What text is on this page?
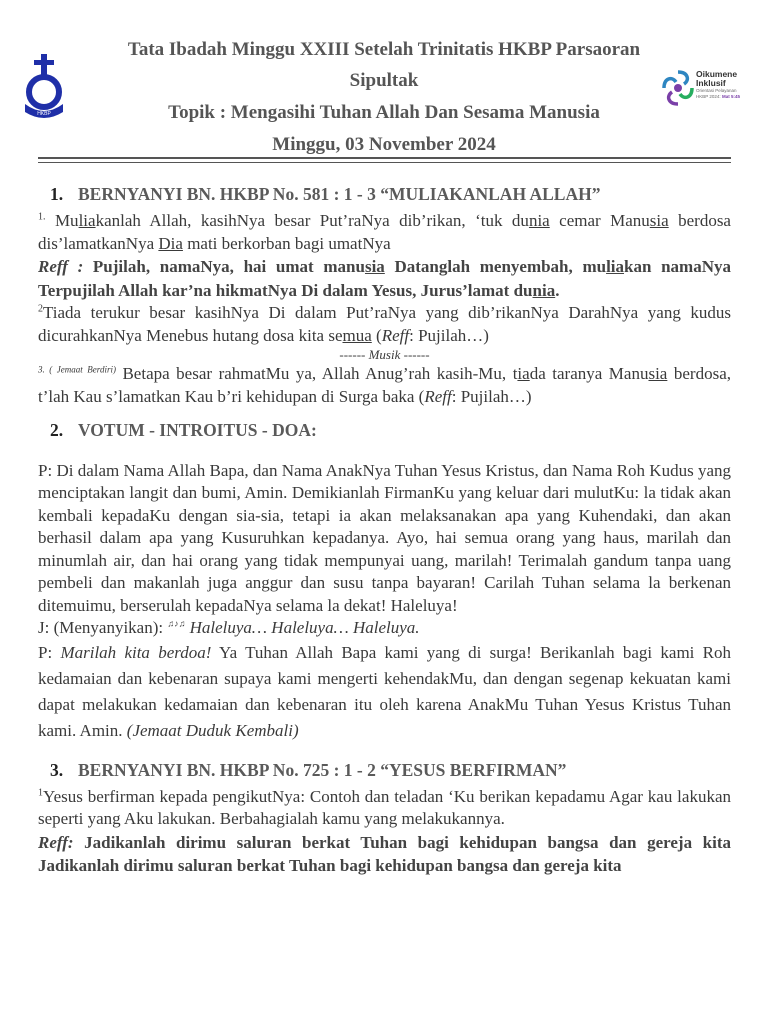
HKBP
Tata Ibadah Minggu XXIII Setelah Trinitatis HKBP Parsaoran
Sipultak
Topik : Mengasihi Tuhan Allah Dan Sesama Manusia
Minggu, 03 November 2024
Oikumene
Inklusif
Orientasi Pelayanan
HKBP 2024: Mat 5:45
1. BERNYANYI BN. HKBP No. 581 : 1 - 3 “MULIAKANLAH ALLAH”

$^{1.}$ Muliakanlah Allah, kasihNya besar Put’raNya dib’rikan, ‘tuk dunia cemar Manusia berdosa dis’lamatkanNya Dia mati berkorban bagi umatNya

Reff : Pujilah, namaNya, hai umat manusia Datanglah menyembah, muliakan namaNya Terpujilah Allah kar’na hikmatNya Di dalam Yesus, Jurus’lamat dunia.

$^2$Tiada terukur besar kasihNya Di dalam Put’raNya yang dib’rikanNya DarahNya yang kudus dicurahkanNya Menebus hutang dosa kita semua (Reff: Pujilah…)

------ Musik ------

$^{3. ( Jemaat Berdiri)}$ Betapa besar rahmatMu ya, Allah Anug’rah kasih-Mu, tiada taranya Manusia berdosa, t’lah Kau s’lamatkan Kau b’ri kehidupan di Surga baka (Reff: Pujilah…)

2. VOTUM - INTROITUS - DOA:

P: Di dalam Nama Allah Bapa, dan Nama AnakNya Tuhan Yesus Kristus, dan Nama Roh Kudus yang menciptakan langit dan bumi, Amin. Demikianlah FirmanKu yang keluar dari mulutKu: la tidak akan kembali kepadaKu dengan sia-sia, tetapi ia akan melaksanakan apa yang Kuhendaki, dan akan berhasil dalam apa yang Kusuruhkan kepadanya. Ayo, hai semua orang yang haus, marilah dan minumlah air, dan hai orang yang tidak mempunyai uang, marilah! Terimalah gandum tanpa uang pembeli dan makanlah juga anggur dan susu tanpa bayaran! Carilah Tuhan selama la berkenan ditemuimu, berserulah kepadaNya selama la dekat! Haleluya!

J: (Menyanyikan): ♫♪♫ Haleluya… Haleluya… Haleluya.

P: Marilah kita berdoa! Ya Tuhan Allah Bapa kami yang di surga! Berikanlah bagi kami Roh kedamaian dan kebenaran supaya kami mengerti kehendakMu, dan dengan segenap kekuatan kami dapat melakukan kedamaian dan kebenaran itu oleh karena AnakMu Tuhan Yesus Kristus Tuhan kami. Amin. (Jemaat Duduk Kembali)

3. BERNYANYI BN. HKBP No. 725 : 1 - 2 “YESUS BERFIRMAN”

$^1$Yesus berfirman kepada pengikutNya: Contoh dan teladan ‘Ku berikan kepadamu Agar kau lakukan seperti yang Aku lakukan. Berbahagialah kamu yang melakukannya.

Reff: Jadikanlah dirimu saluran berkat Tuhan bagi kehidupan bangsa dan gereja kita Jadikanlah dirimu saluran berkat Tuhan bagi kehidupan bangsa dan gereja kita
